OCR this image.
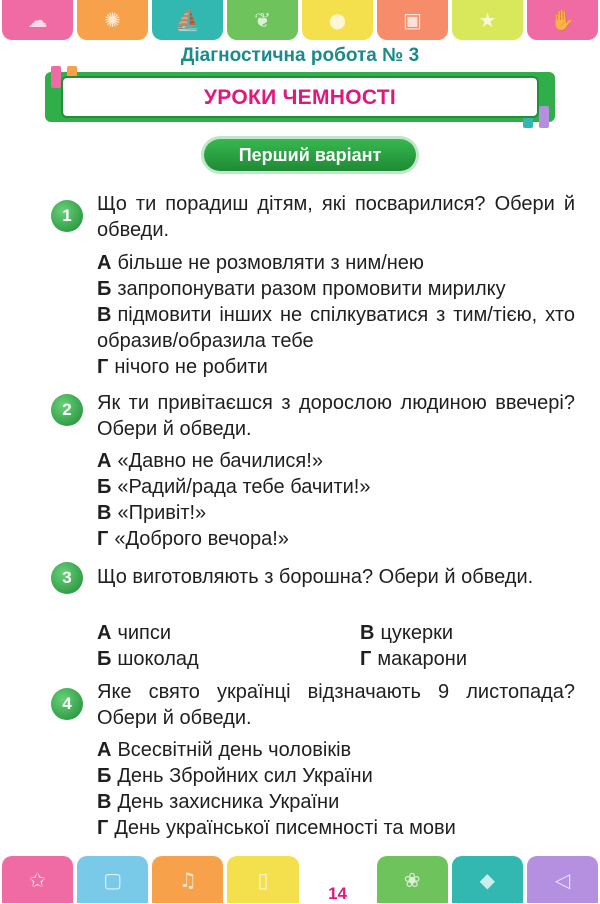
☁	✺	⛵	❦	●	▣	★	✋
Діагностична робота № 3
УРОКИ ЧЕМНОСТІ
Перший варіант
1
Що ти порадиш дітям, які посварилися? Обери й обведи.
А більше не розмовляти з ним/нею
Б запропонувати разом промовити мирилку
В підмовити інших не спілкуватися з тим/тією, хто образив/образила тебе
Г нічого не робити
2	Як ти привітаєшся з дорослою людиною ввечері? Обери й обведи.
А «Давно не бачилися!»
Б «Радий/рада тебе бачити!»
В «Привіт!»
Г «Доброго вечора!»
3	Що виготовляють з борошна? Обери й обведи.
А чипси	В цукерки
Б шоколад	Г макарони
4
Яке свято українці відзначають 9 листопада? Обери й обведи.
А Всесвітній день чоловіків
Б День Збройних сил України
В День захисника України
Г День української писемності та мови
✩	▢	♫	▯
14
❀	◆	◁
